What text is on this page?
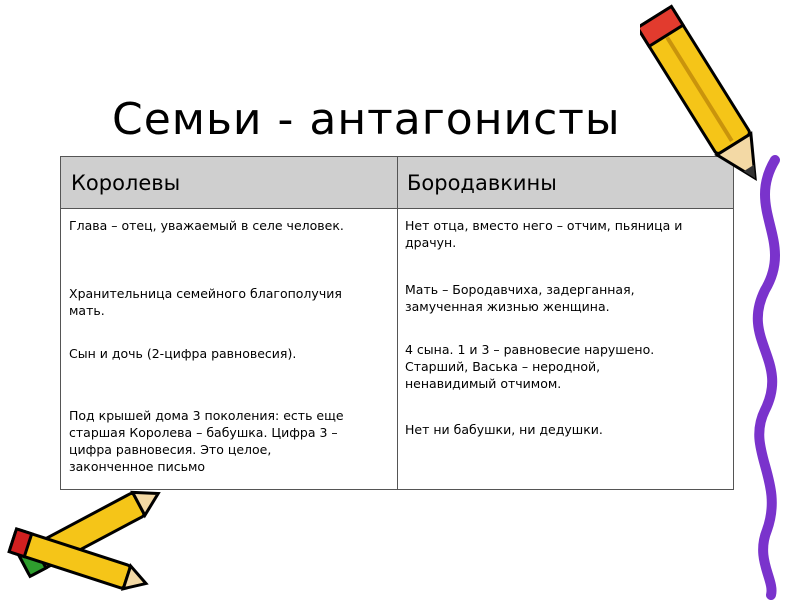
Семьи - антагонисты
Королевы	Бородавкины
Глава – отец, уважаемый в селе человек.
Хранительница семейного благополучия
мать.
Сын и дочь (2-цифра равновесия).
Под крышей дома 3 поколения: есть еще
старшая Королева – бабушка. Цифра 3 –
цифра равновесия. Это целое,
законченное письмо
Нет отца, вместо него – отчим, пьяница и
драчун.
Мать – Бородавчиха, задерганная,
замученная жизнью женщина.
4 сына. 1 и 3 – равновесие нарушено.
Старший, Васька – неродной,
ненавидимый отчимом.
Нет ни бабушки, ни дедушки.
